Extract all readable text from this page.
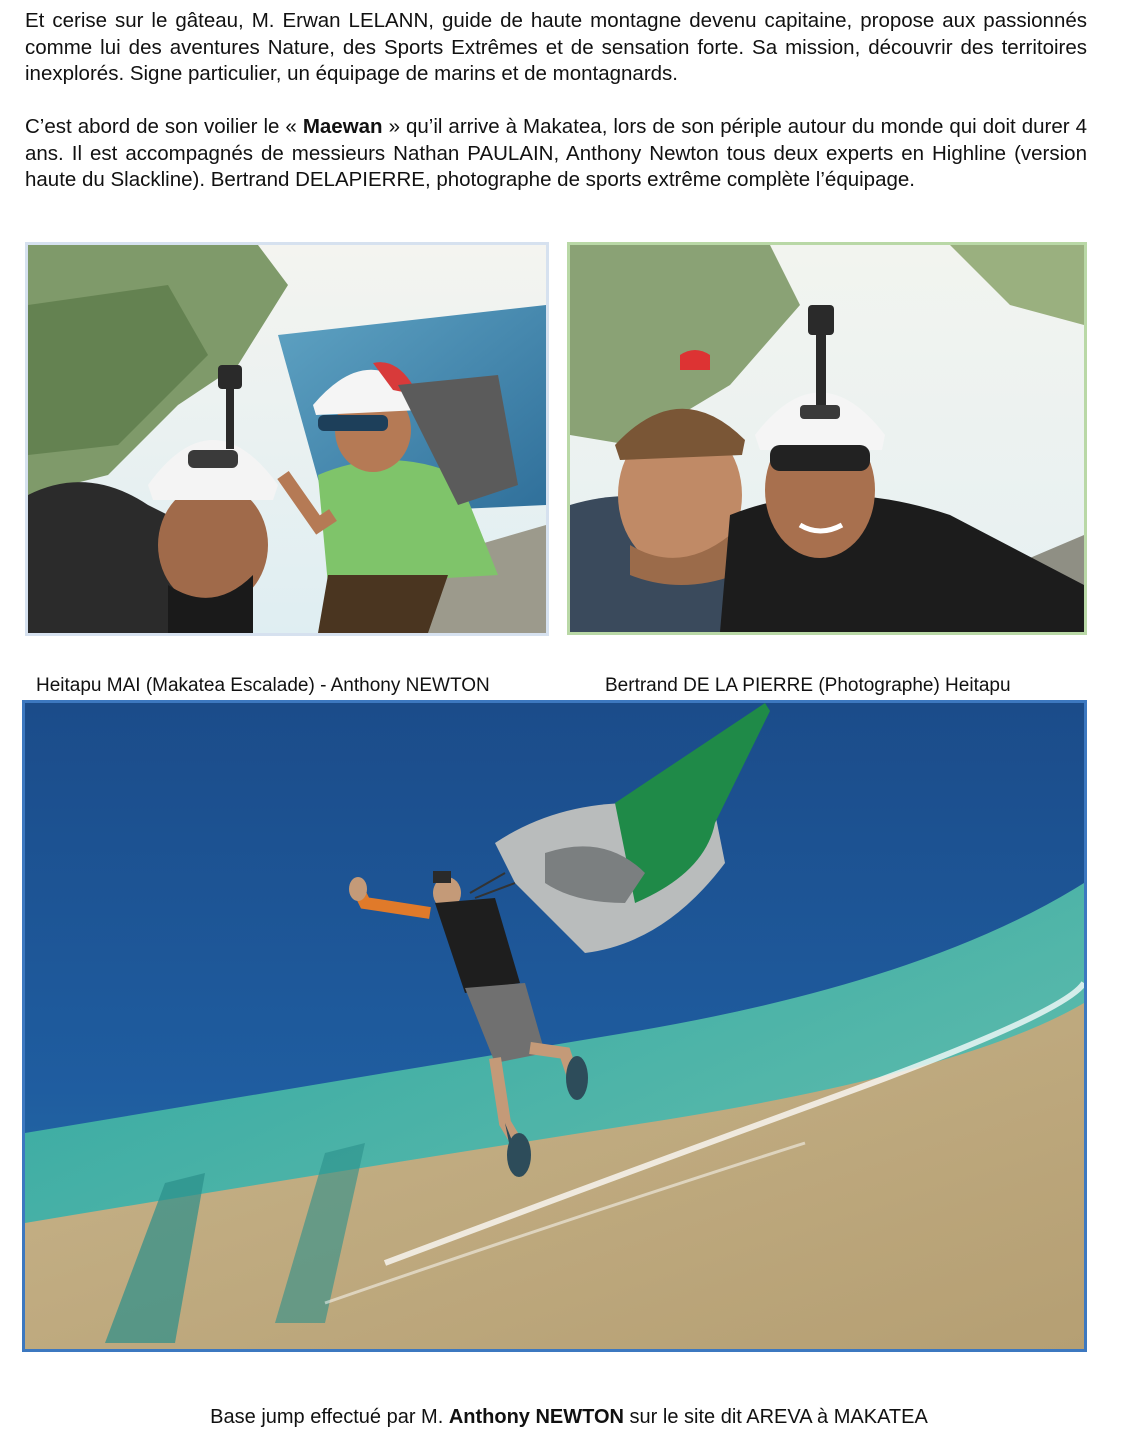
Et cerise sur le gâteau, M. Erwan LELANN, guide de haute montagne devenu capitaine, propose aux passionnés comme lui des aventures Nature, des Sports Extrêmes et de sensation forte. Sa mission, découvrir des territoires inexplorés. Signe particulier, un équipage de marins et de montagnards.

C’est abord de son voilier le « Maewan » qu’il arrive à Makatea, lors de son périple autour du monde qui doit durer 4 ans. Il est accompagnés de messieurs Nathan PAULAIN, Anthony Newton tous deux experts en Highline (version haute du Slackline). Bertrand DELAPIERRE, photographe de sports extrême complète l’équipage.

Heitapu MAI (Makatea Escalade) - Anthony NEWTON	Bertrand DE LA PIERRE (Photographe) Heitapu

Base jump effectué par M. Anthony NEWTON sur le site dit AREVA à MAKATEA
